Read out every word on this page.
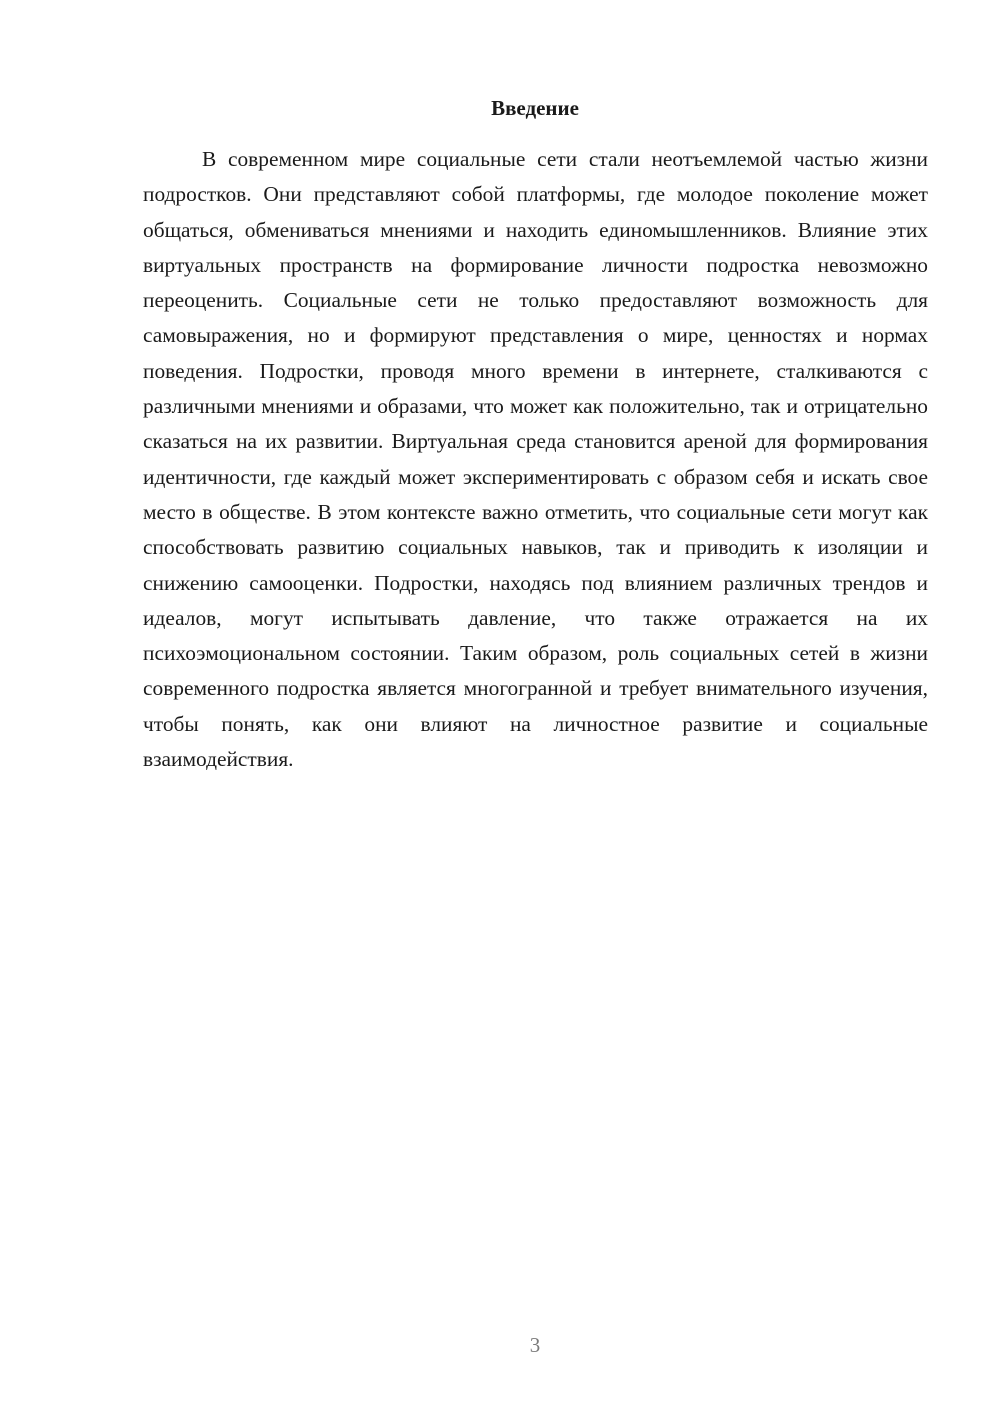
Введение

В современном мире социальные сети стали неотъемлемой частью жизни подростков. Они представляют собой платформы, где молодое поколение может общаться, обмениваться мнениями и находить единомышленников. Влияние этих виртуальных пространств на формирование личности подростка невозможно переоценить. Социальные сети не только предоставляют возможность для самовыражения, но и формируют представления о мире, ценностях и нормах поведения. Подростки, проводя много времени в интернете, сталкиваются с различными мнениями и образами, что может как положительно, так и отрицательно сказаться на их развитии. Виртуальная среда становится ареной для формирования идентичности, где каждый может экспериментировать с образом себя и искать свое место в обществе. В этом контексте важно отметить, что социальные сети могут как способствовать развитию социальных навыков, так и приводить к изоляции и снижению самооценки. Подростки, находясь под влиянием различных трендов и идеалов, могут испытывать давление, что также отражается на их психоэмоциональном состоянии. Таким образом, роль социальных сетей в жизни современного подростка является многогранной и требует внимательного изучения, чтобы понять, как они влияют на личностное развитие и социальные взаимодействия.

3
